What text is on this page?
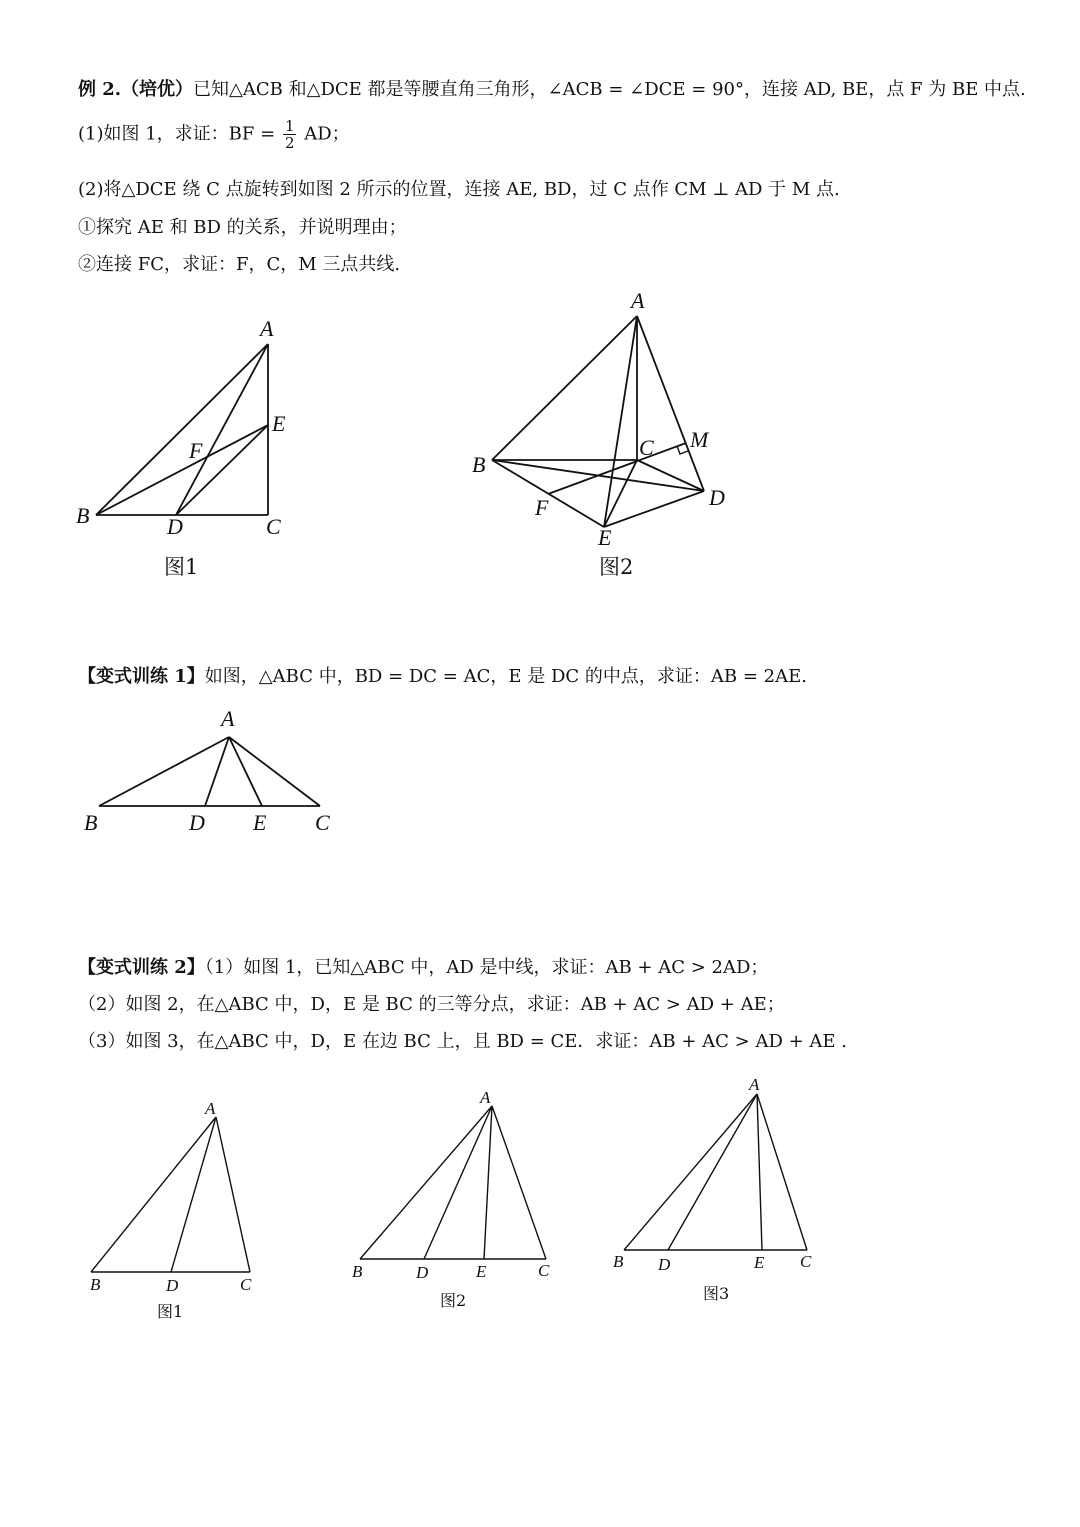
例 2.（培优）已知△ACB 和△DCE 都是等腰直角三角形，∠ACB = ∠DCE = 90°，连接 AD, BE，点 F 为 BE 中点.
(1)如图 1，求证：BF = $\frac{1}{2}$ AD；
(2)将△DCE 绕 C 点旋转到如图 2 所示的位置，连接 AE, BD，过 C 点作 CM ⊥ AD 于 M 点.
①探究 AE 和 BD 的关系，并说明理由；
②连接 FC，求证：F，C，M 三点共线.
A
B	C
D
E
F
图1
A
B
C
D
E
F
M
图2
【变式训练 1】如图，△ABC 中，BD = DC = AC，E 是 DC 的中点，求证：AB = 2AE.
A
B	D E C
【变式训练 2】（1）如图 1，已知△ABC 中，AD 是中线，求证：AB + AC > 2AD；
（2）如图 2，在△ABC 中，D，E 是 BC 的三等分点，求证：AB + AC > AD + AE；
（3）如图 3，在△ABC 中，D，E 在边 BC 上，且 BD = CE．求证：AB + AC > AD + AE .
A
B	D	C
图1
A
B	D	E	C
图2
A
B D	E C
图3
